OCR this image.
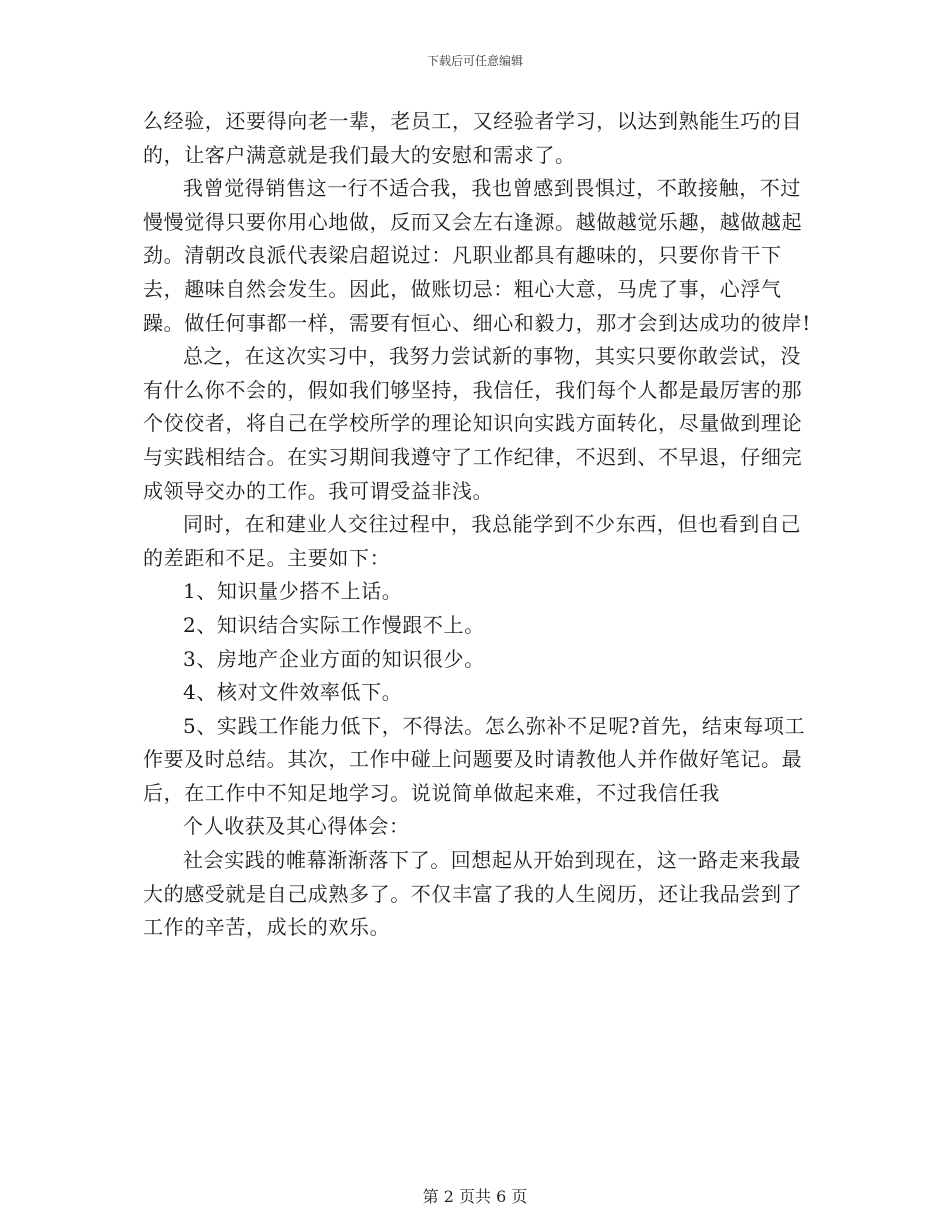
下载后可任意编辑

么经验，还要得向老一辈，老员工，又经验者学习，以达到熟能生巧的目的，让客户满意就是我们最大的安慰和需求了。

我曾觉得销售这一行不适合我，我也曾感到畏惧过，不敢接触，不过慢慢觉得只要你用心地做，反而又会左右逢源。越做越觉乐趣，越做越起劲。清朝改良派代表梁启超说过：凡职业都具有趣味的，只要你肯干下去，趣味自然会发生。因此，做账切忌：粗心大意，马虎了事，心浮气躁。做任何事都一样，需要有恒心、细心和毅力，那才会到达成功的彼岸!

总之，在这次实习中，我努力尝试新的事物，其实只要你敢尝试，没有什么你不会的，假如我们够坚持，我信任，我们每个人都是最厉害的那个佼佼者，将自己在学校所学的理论知识向实践方面转化，尽量做到理论与实践相结合。在实习期间我遵守了工作纪律，不迟到、不早退，仔细完成领导交办的工作。我可谓受益非浅。

同时，在和建业人交往过程中，我总能学到不少东西，但也看到自己的差距和不足。主要如下：

1、知识量少搭不上话。

2、知识结合实际工作慢跟不上。

3、房地产企业方面的知识很少。

4、核对文件效率低下。

5、实践工作能力低下，不得法。怎么弥补不足呢?首先，结束每项工作要及时总结。其次，工作中碰上问题要及时请教他人并作做好笔记。最后，在工作中不知足地学习。说说简单做起来难，不过我信任我

个人收获及其心得体会：

社会实践的帷幕渐渐落下了。回想起从开始到现在，这一路走来我最大的感受就是自己成熟多了。不仅丰富了我的人生阅历，还让我品尝到了工作的辛苦，成长的欢乐。

第 2 页共 6 页
